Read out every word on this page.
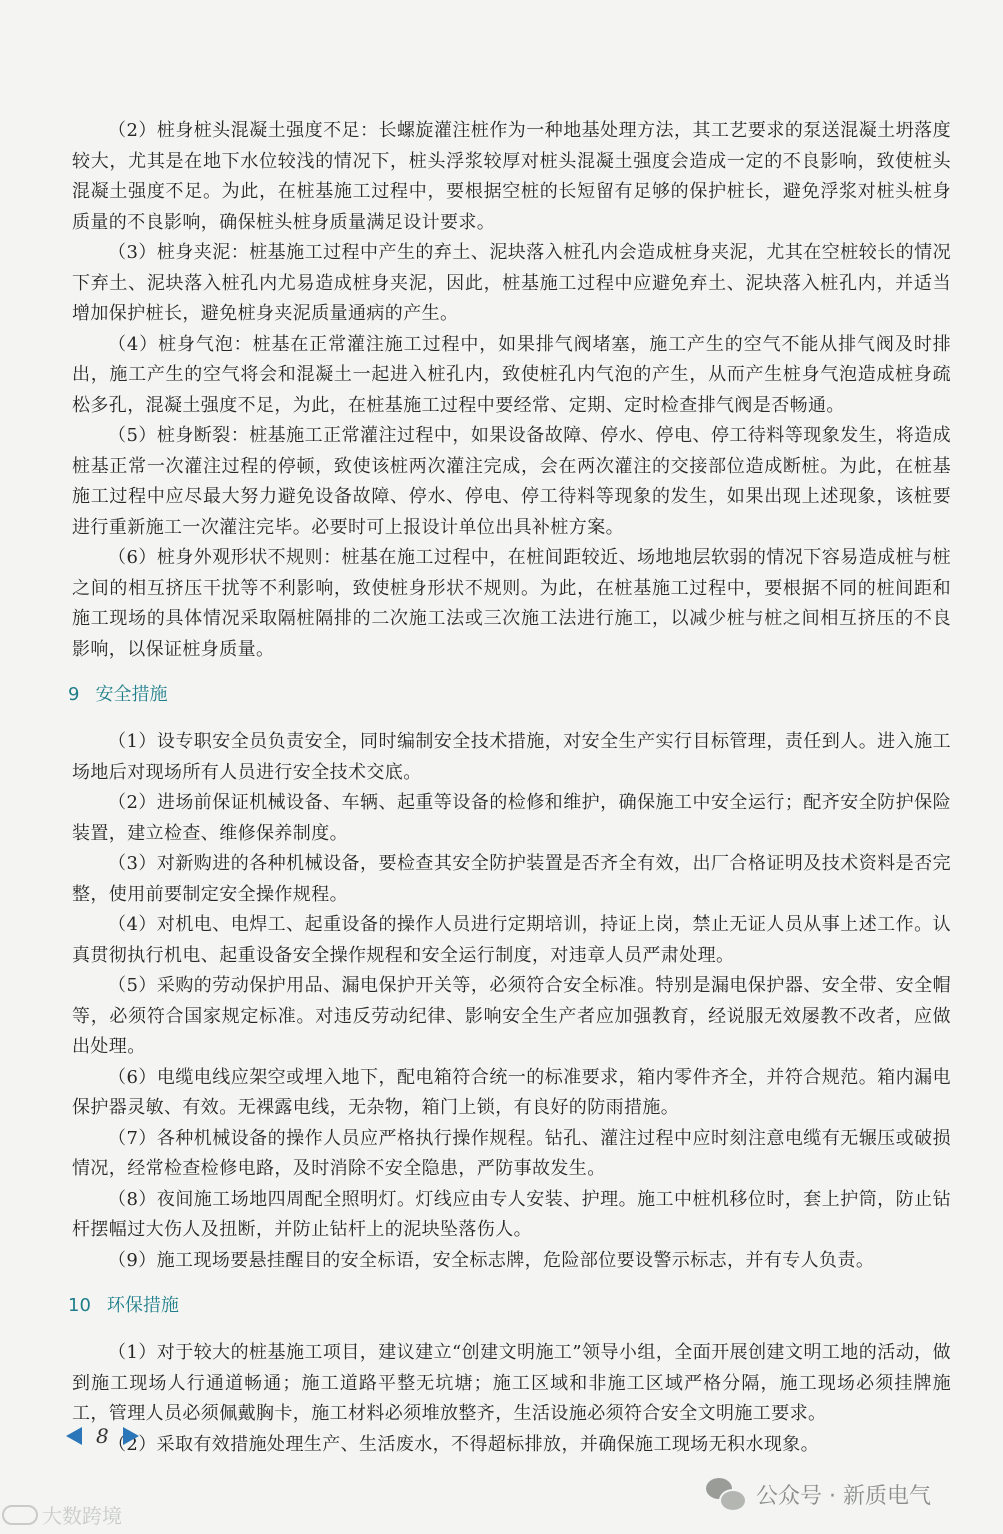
（2）桩身桩头混凝土强度不足：长螺旋灌注桩作为一种地基处理方法，其工艺要求的泵送混凝土坍落度较大，尤其是在地下水位较浅的情况下，桩头浮浆较厚对桩头混凝土强度会造成一定的不良影响，致使桩头混凝土强度不足。为此，在桩基施工过程中，要根据空桩的长短留有足够的保护桩长，避免浮浆对桩头桩身质量的不良影响，确保桩头桩身质量满足设计要求。

（3）桩身夹泥：桩基施工过程中产生的弃土、泥块落入桩孔内会造成桩身夹泥，尤其在空桩较长的情况下弃土、泥块落入桩孔内尤易造成桩身夹泥，因此，桩基施工过程中应避免弃土、泥块落入桩孔内，并适当增加保护桩长，避免桩身夹泥质量通病的产生。

（4）桩身气泡：桩基在正常灌注施工过程中，如果排气阀堵塞，施工产生的空气不能从排气阀及时排出，施工产生的空气将会和混凝土一起进入桩孔内，致使桩孔内气泡的产生，从而产生桩身气泡造成桩身疏松多孔，混凝土强度不足，为此，在桩基施工过程中要经常、定期、定时检查排气阀是否畅通。

（5）桩身断裂：桩基施工正常灌注过程中，如果设备故障、停水、停电、停工待料等现象发生，将造成桩基正常一次灌注过程的停顿，致使该桩两次灌注完成，会在两次灌注的交接部位造成断桩。为此，在桩基施工过程中应尽最大努力避免设备故障、停水、停电、停工待料等现象的发生，如果出现上述现象，该桩要进行重新施工一次灌注完毕。必要时可上报设计单位出具补桩方案。

（6）桩身外观形状不规则：桩基在施工过程中，在桩间距较近、场地地层软弱的情况下容易造成桩与桩之间的相互挤压干扰等不利影响，致使桩身形状不规则。为此，在桩基施工过程中，要根据不同的桩间距和施工现场的具体情况采取隔桩隔排的二次施工法或三次施工法进行施工，以减少桩与桩之间相互挤压的不良影响，以保证桩身质量。

9 安全措施

（1）设专职安全员负责安全，同时编制安全技术措施，对安全生产实行目标管理，责任到人。进入施工场地后对现场所有人员进行安全技术交底。

（2）进场前保证机械设备、车辆、起重等设备的检修和维护，确保施工中安全运行；配齐安全防护保险装置，建立检查、维修保养制度。

（3）对新购进的各种机械设备，要检查其安全防护装置是否齐全有效，出厂合格证明及技术资料是否完整，使用前要制定安全操作规程。

（4）对机电、电焊工、起重设备的操作人员进行定期培训，持证上岗，禁止无证人员从事上述工作。认真贯彻执行机电、起重设备安全操作规程和安全运行制度，对违章人员严肃处理。

（5）采购的劳动保护用品、漏电保护开关等，必须符合安全标准。特别是漏电保护器、安全带、安全帽等，必须符合国家规定标准。对违反劳动纪律、影响安全生产者应加强教育，经说服无效屡教不改者，应做出处理。

（6）电缆电线应架空或埋入地下，配电箱符合统一的标准要求，箱内零件齐全，并符合规范。箱内漏电保护器灵敏、有效。无裸露电线，无杂物，箱门上锁，有良好的防雨措施。

（7）各种机械设备的操作人员应严格执行操作规程。钻孔、灌注过程中应时刻注意电缆有无辗压或破损情况，经常检查检修电路，及时消除不安全隐患，严防事故发生。

（8）夜间施工场地四周配全照明灯。灯线应由专人安装、护理。施工中桩机移位时，套上护筒，防止钻杆摆幅过大伤人及扭断，并防止钻杆上的泥块坠落伤人。

（9）施工现场要悬挂醒目的安全标语，安全标志牌，危险部位要设警示标志，并有专人负责。

10 环保措施

（1）对于较大的桩基施工项目，建议建立“创建文明施工”领导小组，全面开展创建文明工地的活动，做到施工现场人行通道畅通；施工道路平整无坑塘；施工区域和非施工区域严格分隔，施工现场必须挂牌施工，管理人员必须佩戴胸卡，施工材料必须堆放整齐，生活设施必须符合安全文明施工要求。

（2）采取有效措施处理生产、生活废水，不得超标排放，并确保施工现场无积水现象。

8
大数跨境
公众号 · 新质电气
